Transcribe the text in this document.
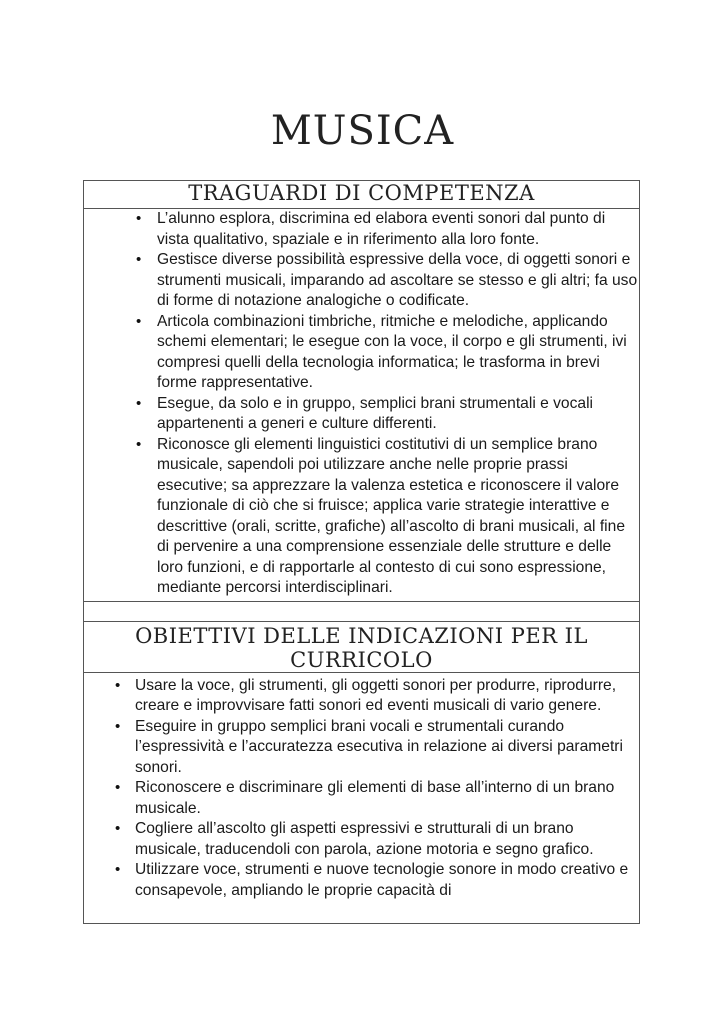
MUSICA
TRAGUARDI DI COMPETENZA
• L’alunno esplora, discrimina ed elabora eventi sonori dal punto di vista qualitativo, spaziale e in riferimento alla loro fonte.
• Gestisce diverse possibilità espressive della voce, di oggetti sonori e strumenti musicali, imparando ad ascoltare se stesso e gli altri; fa uso di forme di notazione analogiche o codificate.
• Articola combinazioni timbriche, ritmiche e melodiche, applicando schemi elementari; le esegue con la voce, il corpo e gli strumenti, ivi compresi quelli della tecnologia informatica; le trasforma in brevi forme rappresentative.
• Esegue, da solo e in gruppo, semplici brani strumentali e vocali appartenenti a generi e culture differenti.
• Riconosce gli elementi linguistici costitutivi di un semplice brano musicale, sapendoli poi utilizzare anche nelle proprie prassi esecutive; sa apprezzare la valenza estetica e riconoscere il valore funzionale di ciò che si fruisce; applica varie strategie interattive e descrittive (orali, scritte, grafiche) all’ascolto di brani musicali, al fine di pervenire a una comprensione essenziale delle strutture e delle loro funzioni, e di rapportarle al contesto di cui sono espressione, mediante percorsi interdisciplinari.
OBIETTIVI DELLE INDICAZIONI PER IL
CURRICOLO
• Usare la voce, gli strumenti, gli oggetti sonori per produrre, riprodurre, creare e improvvisare fatti sonori ed eventi musicali di vario genere.
• Eseguire in gruppo semplici brani vocali e strumentali curando l’espressività e l’accuratezza esecutiva in relazione ai diversi parametri sonori.
• Riconoscere e discriminare gli elementi di base all’interno di un brano musicale.
• Cogliere all’ascolto gli aspetti espressivi e strutturali di un brano musicale, traducendoli con parola, azione motoria e segno grafico.
• Utilizzare voce, strumenti e nuove tecnologie sonore in modo creativo e consapevole, ampliando le proprie capacità di
